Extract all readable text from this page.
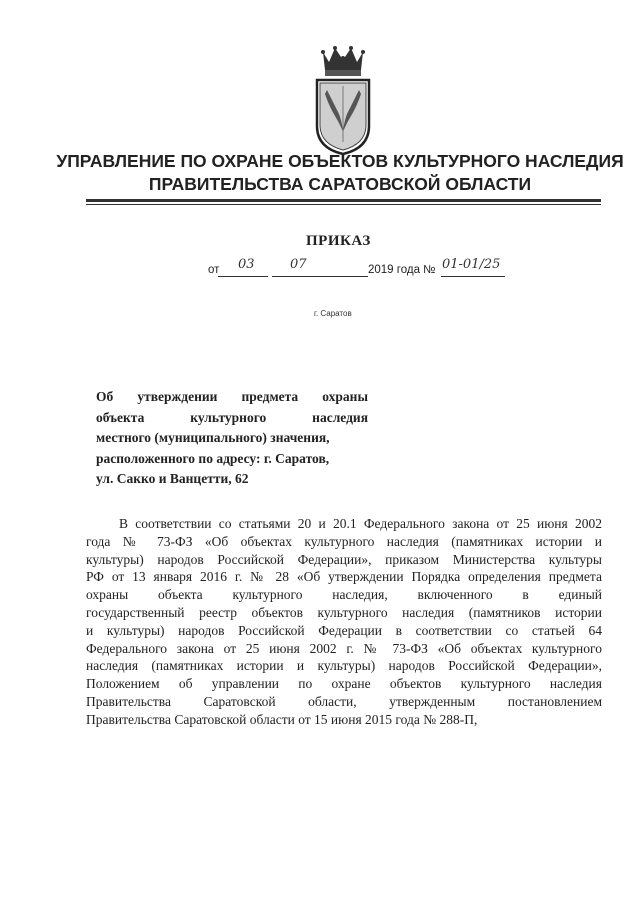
УПРАВЛЕНИЕ ПО ОХРАНЕ ОБЪЕКТОВ КУЛЬТУРНОГО НАСЛЕДИЯ
ПРАВИТЕЛЬСТВА САРАТОВСКОЙ ОБЛАСТИ
ПРИКАЗ
от 03	07	2019 года № 01-01/25
г. Саратов
Об утверждении предмета охраны
объекта культурного наследия
местного (муниципального) значения,
расположенного по адресу: г. Саратов,
ул. Сакко и Ванцетти, 62
В соответствии со статьями 20 и 20.1 Федерального закона от 25 июня 2002
года № 73-ФЗ «Об объектах культурного наследия (памятниках истории и
культуры) народов Российской Федерации», приказом Министерства культуры
РФ от 13 января 2016 г. № 28 «Об утверждении Порядка определения предмета
охраны объекта культурного наследия, включенного в единый
государственный реестр объектов культурного наследия (памятников истории
и культуры) народов Российской Федерации в соответствии со статьей 64
Федерального закона от 25 июня 2002 г. № 73-ФЗ «Об объектах культурного
наследия (памятниках истории и культуры) народов Российской Федерации»,
Положением об управлении по охране объектов культурного наследия
Правительства Саратовской области, утвержденным постановлением
Правительства Саратовской области от 15 июня 2015 года № 288-П,
